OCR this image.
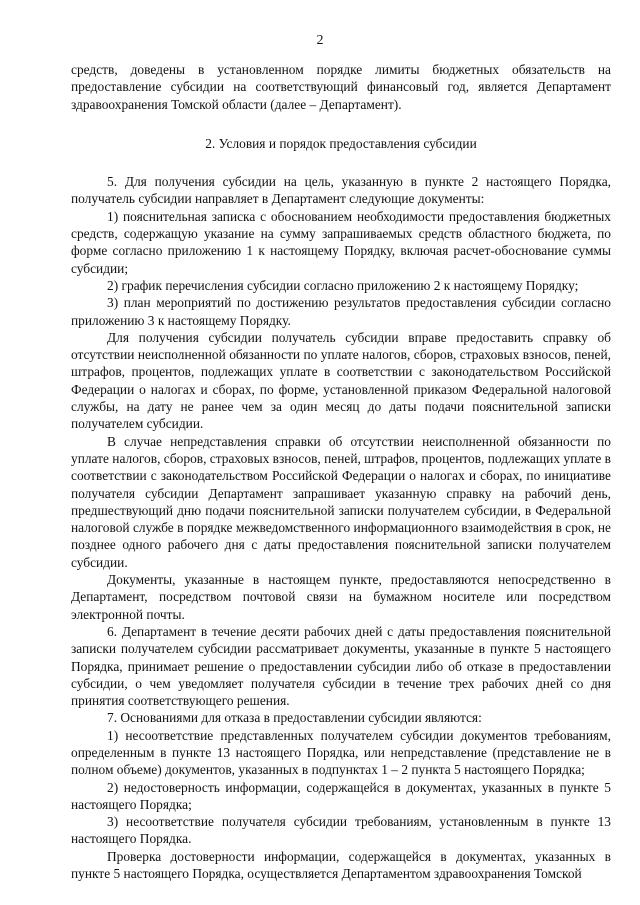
2

средств, доведены в установленном порядке лимиты бюджетных обязательств на предоставление субсидии на соответствующий финансовый год, является Департамент здравоохранения Томской области (далее – Департамент).

2. Условия и порядок предоставления субсидии

5. Для получения субсидии на цель, указанную в пункте 2 настоящего Порядка, получатель субсидии направляет в Департамент следующие документы:

1) пояснительная записка с обоснованием необходимости предоставления бюджетных средств, содержащую указание на сумму запрашиваемых средств областного бюджета, по форме согласно приложению 1 к настоящему Порядку, включая расчет-обоснование суммы субсидии;

2) график перечисления субсидии согласно приложению 2 к настоящему Порядку;

3) план мероприятий по достижению результатов предоставления субсидии согласно приложению 3 к настоящему Порядку.

Для получения субсидии получатель субсидии вправе предоставить справку об отсутствии неисполненной обязанности по уплате налогов, сборов, страховых взносов, пеней, штрафов, процентов, подлежащих уплате в соответствии с законодательством Российской Федерации о налогах и сборах, по форме, установленной приказом Федеральной налоговой службы, на дату не ранее чем за один месяц до даты подачи пояснительной записки получателем субсидии.

В случае непредставления справки об отсутствии неисполненной обязанности по уплате налогов, сборов, страховых взносов, пеней, штрафов, процентов, подлежащих уплате в соответствии с законодательством Российской Федерации о налогах и сборах, по инициативе получателя субсидии Департамент запрашивает указанную справку на рабочий день, предшествующий дню подачи пояснительной записки получателем субсидии, в Федеральной налоговой службе в порядке межведомственного информационного взаимодействия в срок, не позднее одного рабочего дня с даты предоставления пояснительной записки получателем субсидии.

Документы, указанные в настоящем пункте, предоставляются непосредственно в Департамент, посредством почтовой связи на бумажном носителе или посредством электронной почты.

6. Департамент в течение десяти рабочих дней с даты предоставления пояснительной записки получателем субсидии рассматривает документы, указанные в пункте 5 настоящего Порядка, принимает решение о предоставлении субсидии либо об отказе в предоставлении субсидии, о чем уведомляет получателя субсидии в течение трех рабочих дней со дня принятия соответствующего решения.

7. Основаниями для отказа в предоставлении субсидии являются:

1) несоответствие представленных получателем субсидии документов требованиям, определенным в пункте 13 настоящего Порядка, или непредставление (представление не в полном объеме) документов, указанных в подпунктах 1 – 2 пункта 5 настоящего Порядка;

2) недостоверность информации, содержащейся в документах, указанных в пункте 5 настоящего Порядка;

3) несоответствие получателя субсидии требованиям, установленным в пункте 13 настоящего Порядка.

Проверка достоверности информации, содержащейся в документах, указанных в пункте 5 настоящего Порядка, осуществляется Департаментом здравоохранения Томской
